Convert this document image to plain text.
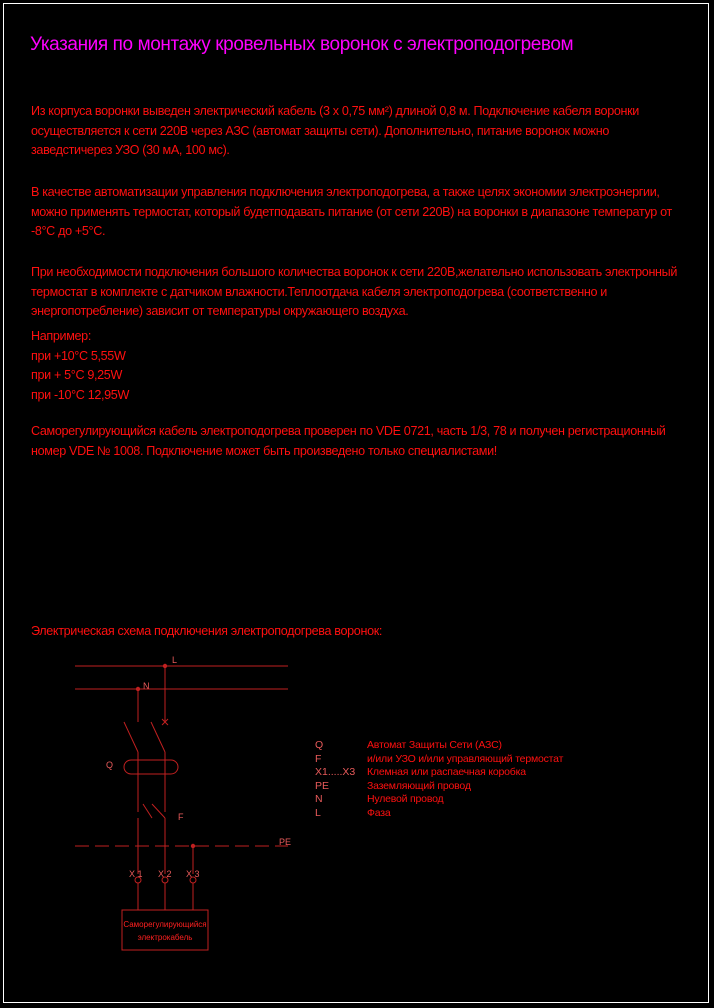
Указания по монтажу кровельных воронок с электроподогревом
Из корпуса воронки выведен электрический кабель (3 х 0,75 мм²) длиной 0,8 м. Подключение кабеля воронки
осуществляется к сети 220В через АЗС (автомат защиты сети). Дополнительно, питание воронок можно
заведстичерез УЗО (30 мА, 100 мс).
В качестве автоматизации управления подключения электроподогрева, а также целях экономии электроэнергии,
можно применять термостат, который будетподавать питание (от сети 220В) на воронки в диапазоне температур от
-8°С до +5°С.
При необходимости подключения большого количества воронок к сети 220В,желательно использовать электронный
термостат в комплекте с датчиком влажности.Теплоотдача кабеля электроподогрева (соответственно и
энергопотребление) зависит от температуры окружающего воздуха.
Например:
при +10°С 5,55W
при + 5°С 9,25W
при -10°С 12,95W
Саморегулирующийся кабель электроподогрева проверен по VDE 0721, часть 1/3, 78 и получен регистрационный
номер VDE № 1008. Подключение может быть произведено только специалистами!
Электрическая схема подключения электроподогрева воронок:
L
N
Q
F
PE
X 1 X 2 X 3
Саморегулирующийся
электрокабель
Q	Автомат Защиты Сети (АЗС)
F	и/или УЗО и/или управляющий термостат
X1.....X3 Клемная или распаечная коробка
PE	Заземляющий провод
N	Нулевой провод
L	Фаза
